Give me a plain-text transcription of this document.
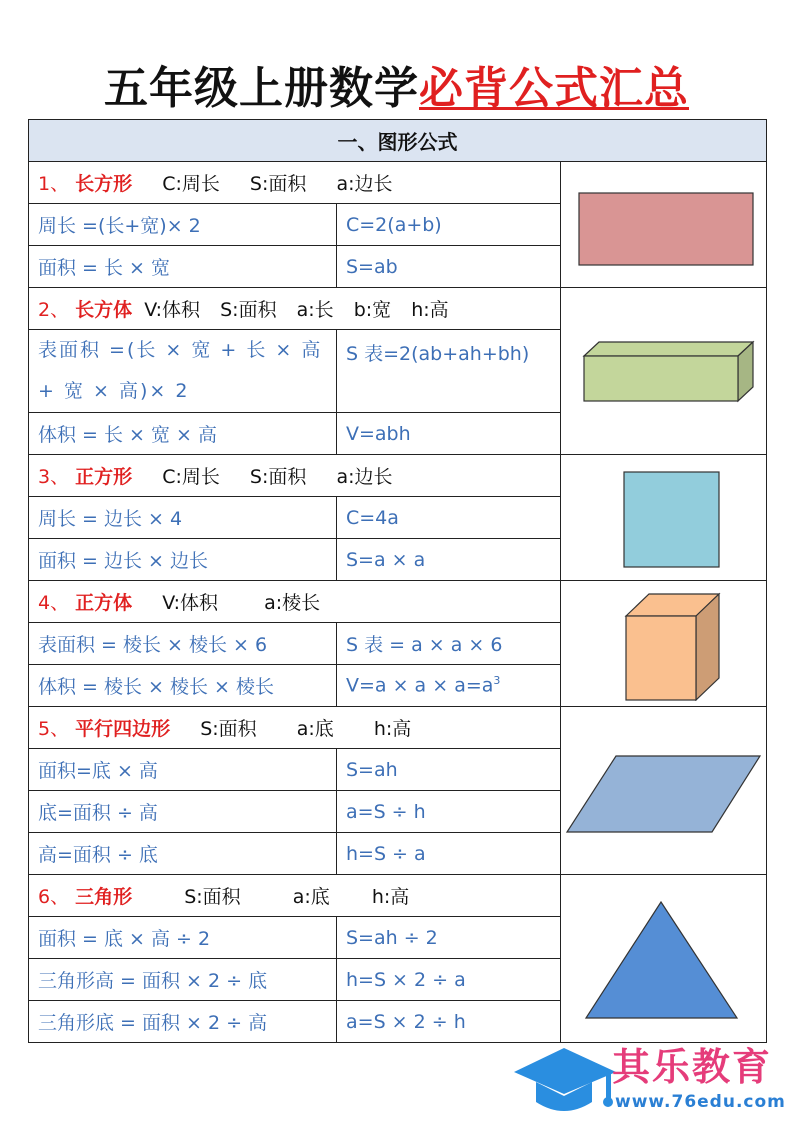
五年级上册数学必背公式汇总
一、图形公式		
1、 长方形 C:周长 S:面积 a:边长	

周长 =(长+宽)× 2	C=2(a+b)	
面积 = 长 × 宽	S=ab	
2、 长方体 V:体积 S:面积 a:长 b:宽 h:高	

表面积 =(长 × 宽 + 长 × 高 + 宽 × 高)× 2	S 表=2(ab+ah+bh)	
体积 = 长 × 宽 × 高	V=abh	
3、 正方形 C:周长 S:面积 a:边长	

周长 = 边长 × 4	C=4a	
面积 = 边长 × 边长	S=a × a	
4、 正方体 V:体积 a:棱长	

表面积 = 棱长 × 棱长 × 6	S 表 = a × a × 6	
体积 = 棱长 × 棱长 × 棱长	$V=a \times a \times a=a^3$
5、 平行四边形 S:面积 a:底 h:高	

面积=底 × 高	S=ah	
底=面积 ÷ 高	a=S ÷ h	
高=面积 ÷ 底	h=S ÷ a	
6、 三角形 S:面积 a:底 h:高	

面积 = 底 × 高 ÷ 2	S=ah ÷ 2	
三角形高 = 面积 × 2 ÷ 底	h=S × 2 ÷ a	
三角形底 = 面积 × 2 ÷ 高	a=S × 2 ÷ h	
其乐教育
www.76edu.com
